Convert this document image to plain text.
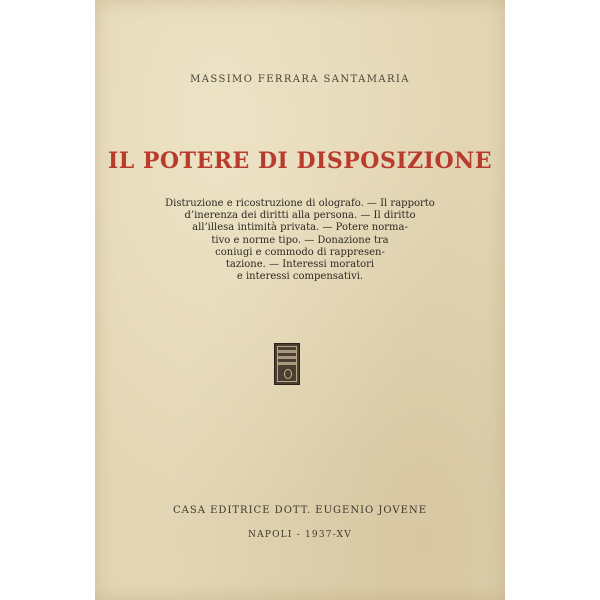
MASSIMO FERRARA SANTAMARIA
IL POTERE DI DISPOSIZIONE
Distruzione e ricostruzione di olografo. — Il rapporto
d’inerenza dei diritti alla persona. — Il diritto
all’illesa intimità privata. — Potere norma-
tivo e norme tipo. — Donazione tra
coniugi e commodo di rappresen-
tazione. — Interessi moratori
e interessi compensativi.
CASA EDITRICE DOTT. EUGENIO JOVENE
NAPOLI - 1937-XV
